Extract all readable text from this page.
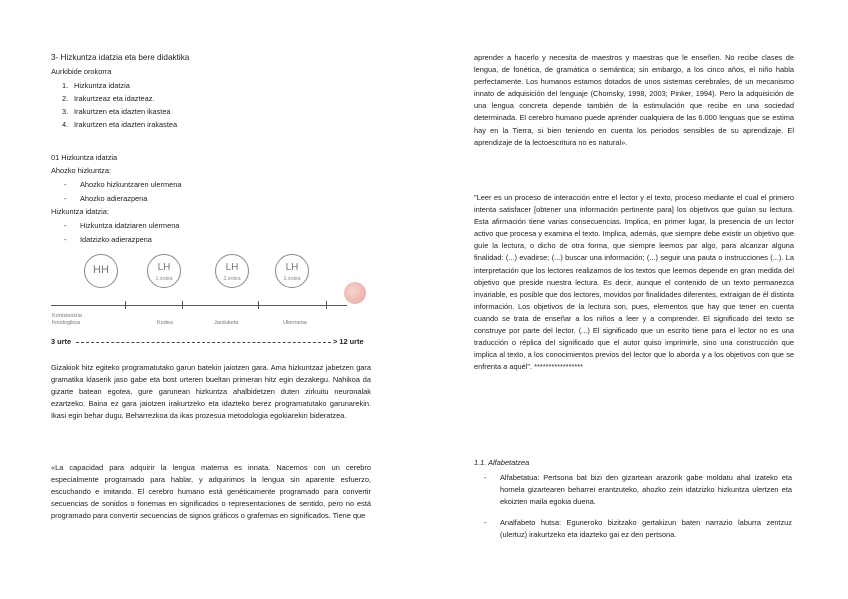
3- Hizkuntza idatzia eta bere didaktika
Aurkibide orokorra
1. Hizkuntza idatzia
2. Irakurtzeaz eta idazteaz.
3. Irakurtzen eta idazten ikastea
4. Irakurtzen eta idazten irakastea
01 Hizkuntza idatzia
Ahozko hizkuntza:
- Ahozko hizkuntzaren ulermena
- Ahozko adierazpena
Hizkuntza idatzia:
- Hizkuntza idatziaren ulermena
- Idatzizko adierazpena
HH	LH
1.ordea
LH
2.ordea
LH
3.ordea
Kontzientzia fonologikoa	Kodea	Jarduketa	Ulermena
3 urte	> 12 urte

Gizakiok hitz egiteko programatutako garun batekin jaiotzen gara. Ama hizkuntzaz jabetzen gara gramatika klaserik jaso gabe eta bost urteren bueltan primeran hitz egin dezakegu. Nahikoa da gizarte batean egotea, gure garunean hizkuntza ahalbidetzen duten zirkuitu neuronalak ezartzeko. Baina ez gara jaiotzen irakurtzeko eta idazteko berez programatutako garunarekin. Ikasi egin behar dugu. Beharrezkoa da ikas prozesua metodologia egokiarekin bideratzea.

«La capacidad para adquirir la lengua materna es innata. Nacemos con un cerebro especialmente programado para hablar, y adquirimos la lengua sin aparente esfuerzo, escuchando e imitando. El cerebro humano está genéticamente programado para convertir secuencias de sonidos o fonemas en significados o representaciones de sentido, pero no está programado para convertir secuencias de signos gráficos o grafemas en significados. Tiene que

aprender a hacerlo y necesita de maestros y maestras que le enseñen. No recibe clases de lengua, de fonética, de gramática o semántica; sin embargo, a los cinco años, el niño habla perfectamente. Los humanos estamos dotados de unos sistemas cerebrales, de un mecanismo innato de adquisición del lenguaje (Chomsky, 1998, 2003; Pinker, 1994). Pero la adquisición de una lengua concreta depende también de la estimulación que recibe en una sociedad determinada. El cerebro humano puede aprender cualquiera de las 6.000 lenguas que se estima hay en la Tierra, si bien teniendo en cuenta los periodos sensibles de su aprendizaje. El aprendizaje de la lectoescritura no es natural».

"Leer es un proceso de interacción entre el lector y el texto, proceso mediante el cual el primero intenta satisfacer [obtener una información pertinente para] los objetivos que guían su lectura. Esta afirmación tiene varias consecuencias. Implica, en primer lugar, la presencia de un lector activo que procesa y examina el texto. Implica, además, que siempre debe existir un objetivo que guíe la lectura, o dicho de otra forma, que siempre leemos par algo, para alcanzar alguna finalidad: (...) evadirse; (...) buscar una información; (...) seguir una pauta o instrucciones (...). La interpretación que los lectores realizamos de los textos que leemos depende en gran medida del objetivo que preside nuestra lectura. Es decir, aunque el contenido de un texto permanezca invariable, es posible que dos lectores, movidos por finalidades diferentes, extraigan de él distinta información. Los objetivos de la lectura son, pues, elementos que hay que tener en cuenta cuando se trata de enseñar a los niños a leer y a comprender. El significado del texto se construye por parte del lector. (...) El significado que un escrito tiene para el lector no es una traducción o réplica del significado que el autor quiso imprimirle, sino una construcción que implica al texto, a los conocimientos previos del lector que lo aborda y a los objetivos con que se enfrenta a aquél". *****************

1.1. Alfabetatzea
- Alfabetatua: Pertsona bat bizi den gizartean arazorik gabe moldatu ahal izateko eta hornela gizartearen beharrei erantzuteko, ahozko zein idatzizko hizkuntza ulertzen eta ekoizten maila egokia duena.
- Analfabeto hutsa: Eguneroko bizitzako gertakizun baten narrazio laburra zentzuz (ulertuz) irakurtzeko eta idazteko gai ez den pertsona.
